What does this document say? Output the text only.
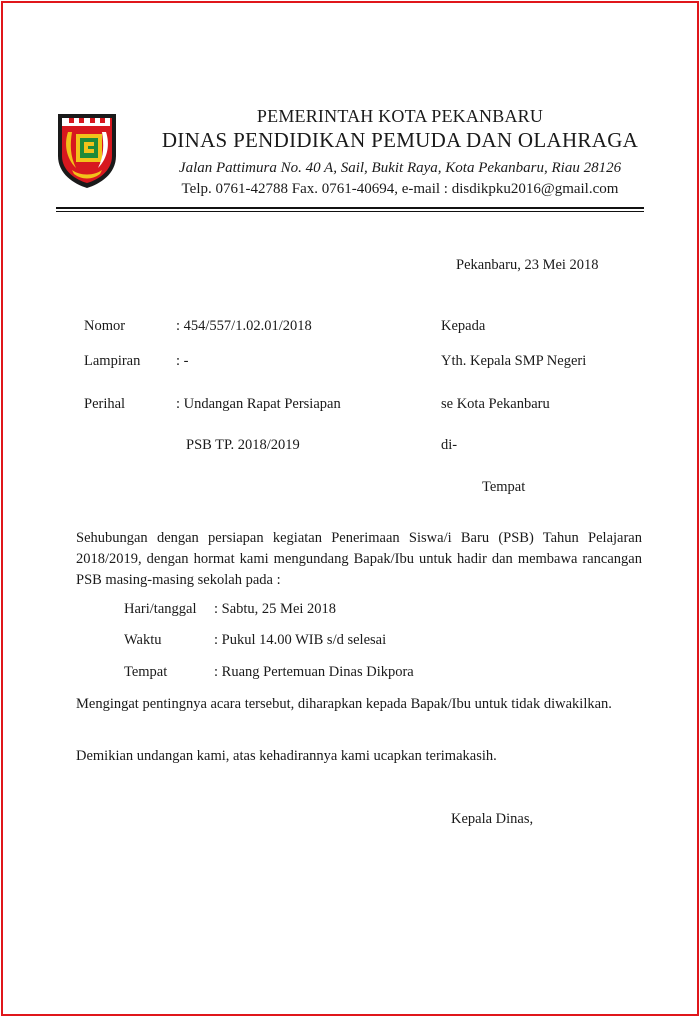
PEMERINTAH KOTA PEKANBARU
DINAS PENDIDIKAN PEMUDA DAN OLAHRAGA
Jalan Pattimura No. 40 A, Sail, Bukit Raya, Kota Pekanbaru, Riau 28126
Telp. 0761-42788 Fax. 0761-40694, e-mail : disdikpku2016@gmail.com
Pekanbaru, 23 Mei 2018
Nomor	: 454/557/1.02.01/2018	Kepada
Lampiran : -	Yth. Kepala SMP Negeri
Perihal	: Undangan Rapat Persiapan	se Kota Pekanbaru
PSB TP. 2018/2019	di-
Tempat
Sehubungan dengan persiapan kegiatan Penerimaan Siswa/i Baru (PSB) Tahun Pelajaran 2018/2019, dengan hormat kami mengundang Bapak/Ibu untuk hadir dan membawa rancangan PSB masing-masing sekolah pada :
Hari/tanggal : Sabtu, 25 Mei 2018
Waktu	: Pukul 14.00 WIB s/d selesai
Tempat	: Ruang Pertemuan Dinas Dikpora
Mengingat pentingnya acara tersebut, diharapkan kepada Bapak/Ibu untuk tidak diwakilkan.
Demikian undangan kami, atas kehadirannya kami ucapkan terimakasih.
Kepala Dinas,
